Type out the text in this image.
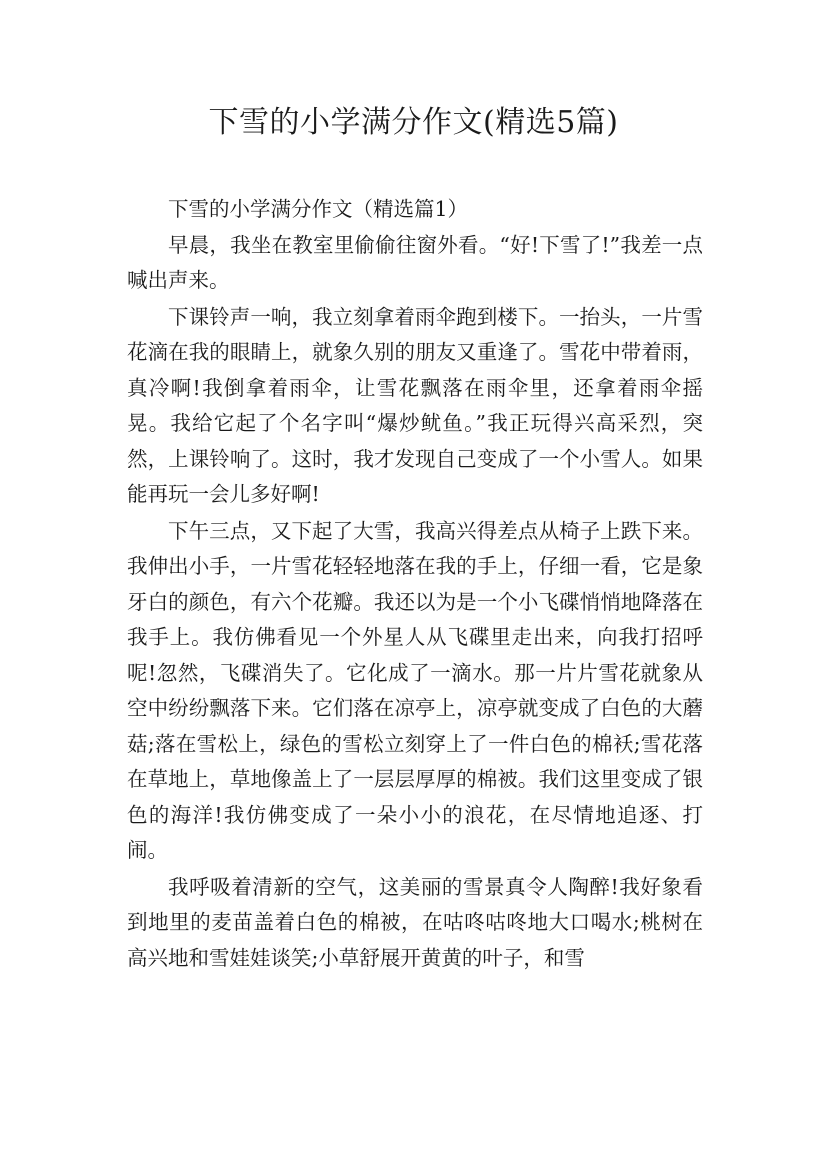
下雪的小学满分作文(精选5篇)
下雪的小学满分作文（精选篇1）

早晨，我坐在教室里偷偷往窗外看。“好!下雪了!”我差一点喊出声来。

下课铃声一响，我立刻拿着雨伞跑到楼下。一抬头，一片雪花滴在我的眼睛上，就象久别的朋友又重逢了。雪花中带着雨，真冷啊!我倒拿着雨伞，让雪花飘落在雨伞里，还拿着雨伞摇晃。我给它起了个名字叫“爆炒鱿鱼。”我正玩得兴高采烈，突然，上课铃响了。这时，我才发现自己变成了一个小雪人。如果能再玩一会儿多好啊!

下午三点，又下起了大雪，我高兴得差点从椅子上跌下来。我伸出小手，一片雪花轻轻地落在我的手上，仔细一看，它是象牙白的颜色，有六个花瓣。我还以为是一个小飞碟悄悄地降落在我手上。我仿佛看见一个外星人从飞碟里走出来，向我打招呼呢!忽然，飞碟消失了。它化成了一滴水。那一片片雪花就象从空中纷纷飘落下来。它们落在凉亭上，凉亭就变成了白色的大蘑菇;落在雪松上，绿色的雪松立刻穿上了一件白色的棉袄;雪花落在草地上，草地像盖上了一层层厚厚的棉被。我们这里变成了银色的海洋!我仿佛变成了一朵小小的浪花，在尽情地追逐、打闹。

我呼吸着清新的空气，这美丽的雪景真令人陶醉!我好象看到地里的麦苗盖着白色的棉被，在咕咚咕咚地大口喝水;桃树在高兴地和雪娃娃谈笑;小草舒展开黄黄的叶子，和雪
